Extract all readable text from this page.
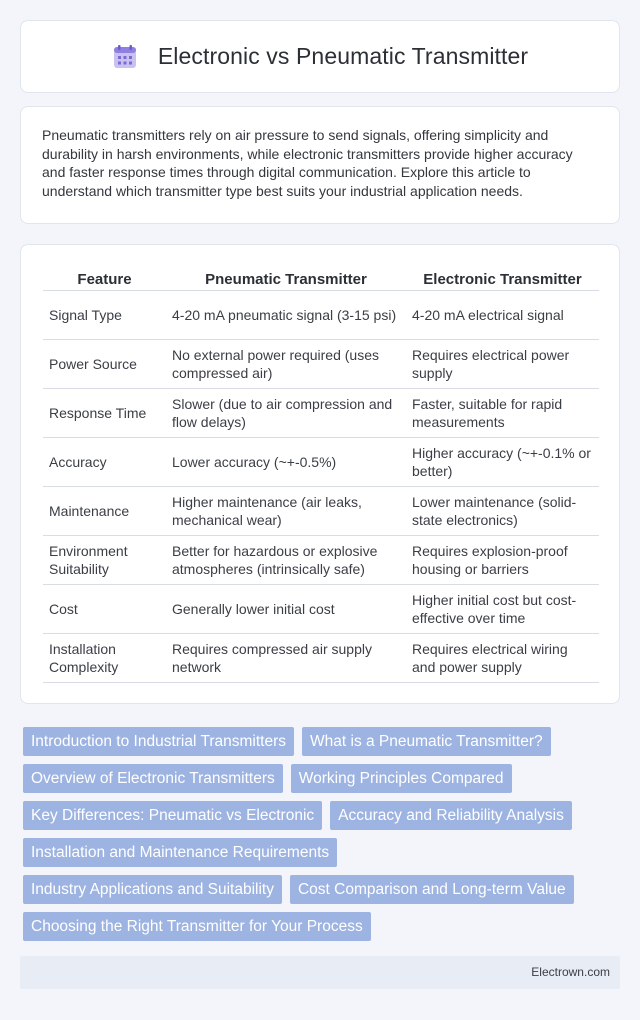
Electronic vs Pneumatic Transmitter

Pneumatic transmitters rely on air pressure to send signals, offering simplicity and durability in harsh environments, while electronic transmitters provide higher accuracy and faster response times through digital communication. Explore this article to understand which transmitter type best suits your industrial application needs.

Feature	Pneumatic Transmitter	Electronic Transmitter
Signal Type	4-20 mA pneumatic signal (3-15 psi)	4-20 mA electrical signal
Power Source	No external power required (uses compressed air)	Requires electrical power supply
Response Time	Slower (due to air compression and flow delays)	Faster, suitable for rapid measurements
Accuracy	Lower accuracy (~+-0.5%)	Higher accuracy (~+-0.1% or better)
Maintenance	Higher maintenance (air leaks, mechanical wear)	Lower maintenance (solid-state electronics)
Environment Suitability	Better for hazardous or explosive atmospheres (intrinsically safe)	Requires explosion-proof housing or barriers
Cost	Generally lower initial cost	Higher initial cost but cost-effective over time
Installation Complexity	Requires compressed air supply network	Requires electrical wiring and power supply
Introduction to Industrial Transmitters	What is a Pneumatic Transmitter?
Overview of Electronic Transmitters	Working Principles Compared
Key Differences: Pneumatic vs Electronic	Accuracy and Reliability Analysis
Installation and Maintenance Requirements
Industry Applications and Suitability	Cost Comparison and Long-term Value
Choosing the Right Transmitter for Your Process
Electrown.com
